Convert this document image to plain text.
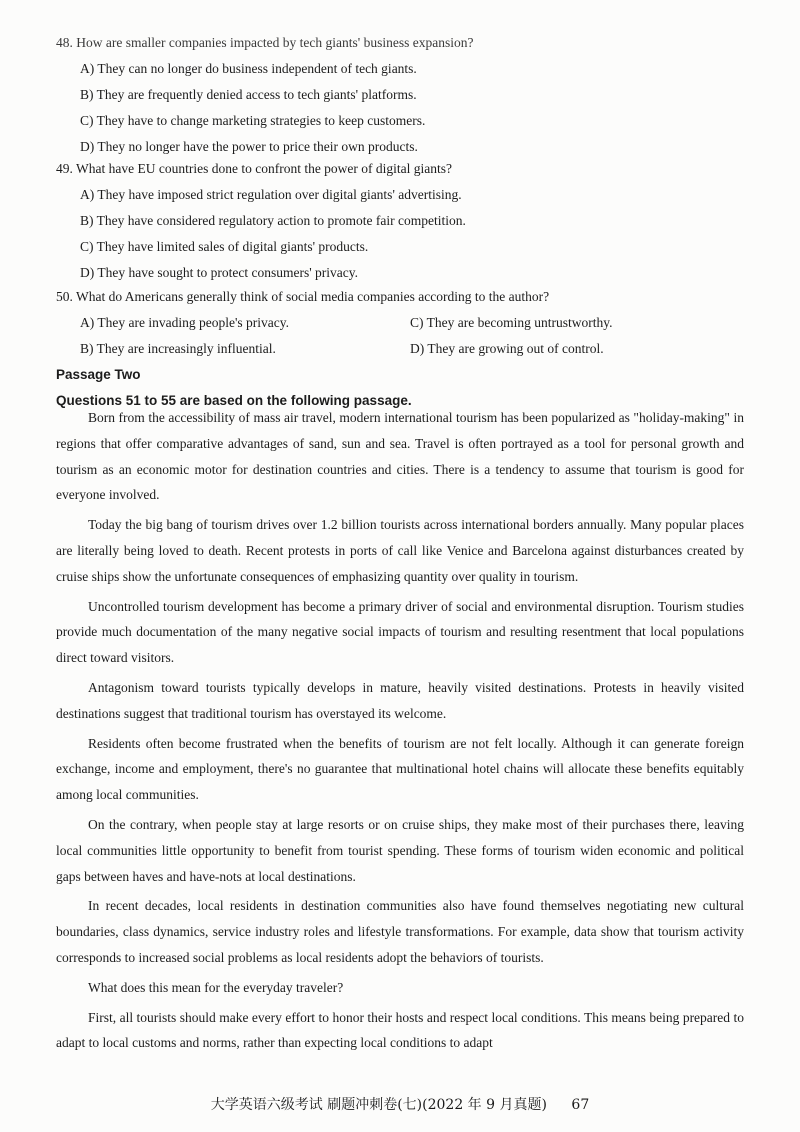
48. How are smaller companies impacted by tech giants' business expansion?
A) They can no longer do business independent of tech giants.
B) They are frequently denied access to tech giants' platforms.
C) They have to change marketing strategies to keep customers.
D) They no longer have the power to price their own products.
49. What have EU countries done to confront the power of digital giants?
A) They have imposed strict regulation over digital giants' advertising.
B) They have considered regulatory action to promote fair competition.
C) They have limited sales of digital giants' products.
D) They have sought to protect consumers' privacy.
50. What do Americans generally think of social media companies according to the author?
A) They are invading people's privacy.	C) They are becoming untrustworthy.
B) They are increasingly influential.	D) They are growing out of control.
Passage Two
Questions 51 to 55 are based on the following passage.

Born from the accessibility of mass air travel, modern international tourism has been popularized as "holiday-making" in regions that offer comparative advantages of sand, sun and sea. Travel is often portrayed as a tool for personal growth and tourism as an economic motor for destination countries and cities. There is a tendency to assume that tourism is good for everyone involved.

Today the big bang of tourism drives over 1.2 billion tourists across international borders annually. Many popular places are literally being loved to death. Recent protests in ports of call like Venice and Barcelona against disturbances created by cruise ships show the unfortunate consequences of emphasizing quantity over quality in tourism.

Uncontrolled tourism development has become a primary driver of social and environmental disruption. Tourism studies provide much documentation of the many negative social impacts of tourism and resulting resentment that local populations direct toward visitors.

Antagonism toward tourists typically develops in mature, heavily visited destinations. Protests in heavily visited destinations suggest that traditional tourism has overstayed its welcome.

Residents often become frustrated when the benefits of tourism are not felt locally. Although it can generate foreign exchange, income and employment, there's no guarantee that multinational hotel chains will allocate these benefits equitably among local communities.

On the contrary, when people stay at large resorts or on cruise ships, they make most of their purchases there, leaving local communities little opportunity to benefit from tourist spending. These forms of tourism widen economic and political gaps between haves and have-nots at local destinations.

In recent decades, local residents in destination communities also have found themselves negotiating new cultural boundaries, class dynamics, service industry roles and lifestyle transformations. For example, data show that tourism activity corresponds to increased social problems as local residents adopt the behaviors of tourists.

What does this mean for the everyday traveler?

First, all tourists should make every effort to honor their hosts and respect local conditions. This means being prepared to adapt to local customs and norms, rather than expecting local conditions to adapt

大学英语六级考试 刷题冲刺卷(七)(2022 年 9 月真题) 67
